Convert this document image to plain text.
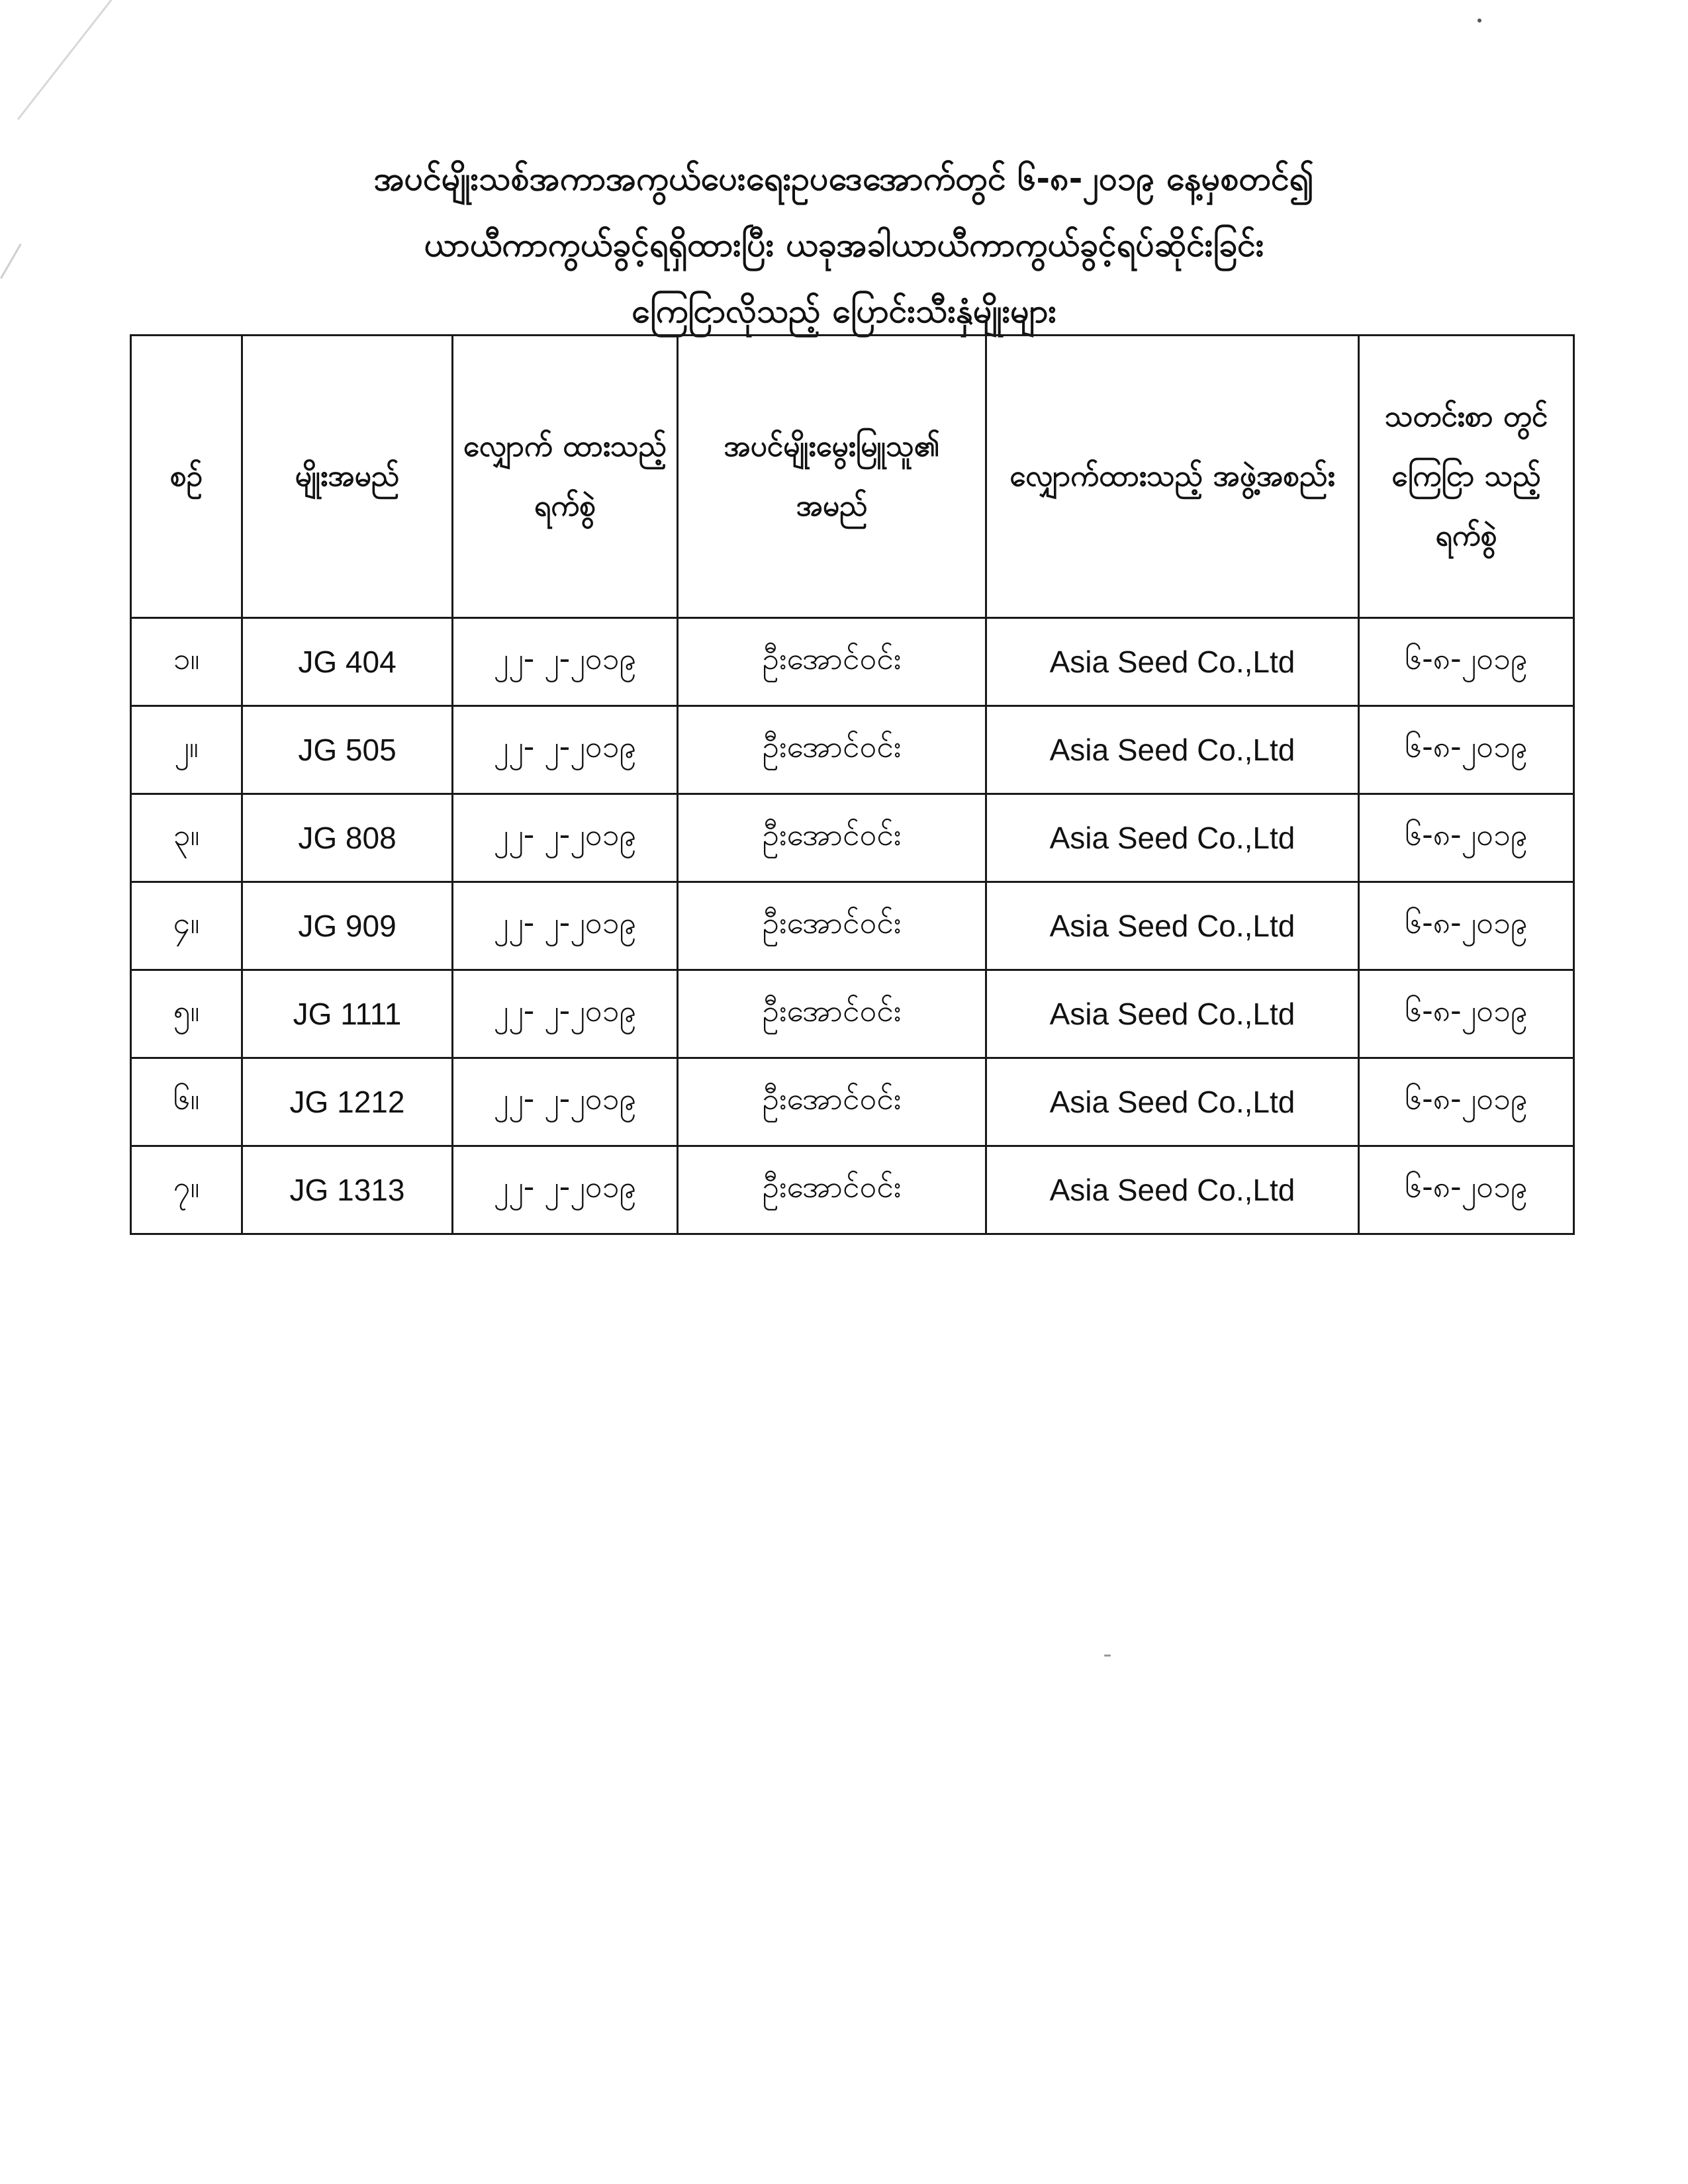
အပင်မျိုးသစ်အကာအကွယ်ပေးရေးဥပဒေအောက်တွင် ၆-၈-၂၀၁၉ နေ့မှစတင်၍
ယာယီကာကွယ်ခွင့်ရရှိထားပြီး ယခုအခါယာယီကာကွယ်ခွင့်ရပ်ဆိုင်းခြင်း
ကြေငြာလိုသည့် ပြောင်းသီးနှံမျိုးများ
စဉ်	မျိုးအမည်	လျှောက် ထားသည့် ရက်စွဲ	အပင်မျိုးမွေးမြူသူ၏ အမည်	လျှောက်ထားသည့် အဖွဲ့အစည်း	သတင်းစာ တွင် ကြေငြာ သည့်ရက်စွဲ
၁။	JG 404	၂၂- ၂-၂၀၁၉	ဦးအောင်ဝင်း	Asia Seed Co.,Ltd	၆-၈-၂၀၁၉
၂။	JG 505	၂၂- ၂-၂၀၁၉	ဦးအောင်ဝင်း	Asia Seed Co.,Ltd	၆-၈-၂၀၁၉
၃။	JG 808	၂၂- ၂-၂၀၁၉	ဦးအောင်ဝင်း	Asia Seed Co.,Ltd	၆-၈-၂၀၁၉
၄။	JG 909	၂၂- ၂-၂၀၁၉	ဦးအောင်ဝင်း	Asia Seed Co.,Ltd	၆-၈-၂၀၁၉
၅။	JG 1111	၂၂- ၂-၂၀၁၉	ဦးအောင်ဝင်း	Asia Seed Co.,Ltd	၆-၈-၂၀၁၉
၆။	JG 1212	၂၂- ၂-၂၀၁၉	ဦးအောင်ဝင်း	Asia Seed Co.,Ltd	၆-၈-၂၀၁၉
၇။	JG 1313	၂၂- ၂-၂၀၁၉	ဦးအောင်ဝင်း	Asia Seed Co.,Ltd	၆-၈-၂၀၁၉
